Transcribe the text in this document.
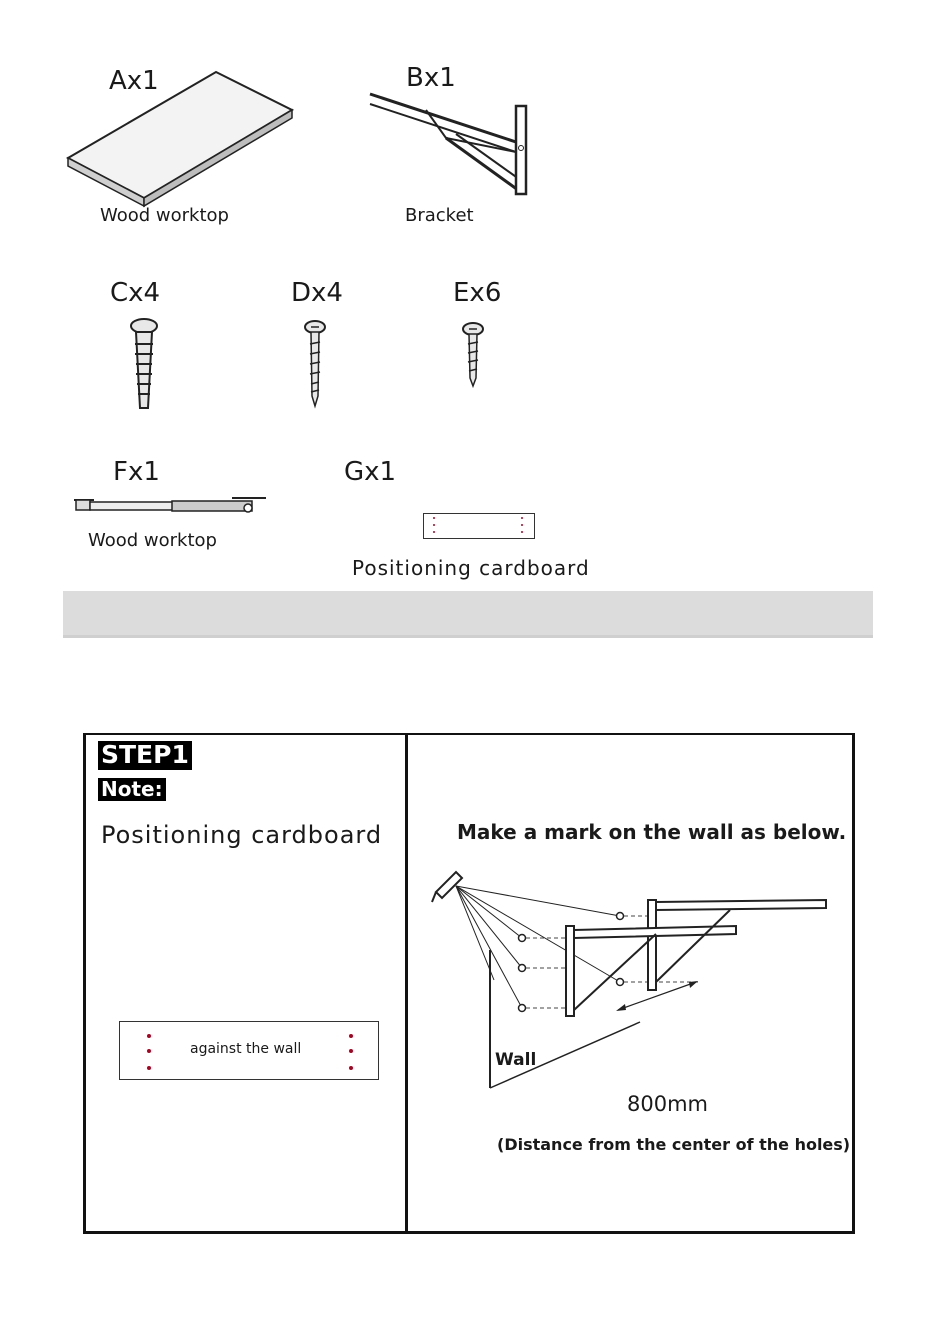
Ax1
Wood worktop
Bx1
Bracket
Cx4	Dx4	Ex6
Fx1
Wood worktop
Gx1
Positioning cardboard
STEP1
Note:
Positioning cardboard
against the wall
Make a mark on the wall as below.
Wall
800mm
(Distance from the center of the holes)
